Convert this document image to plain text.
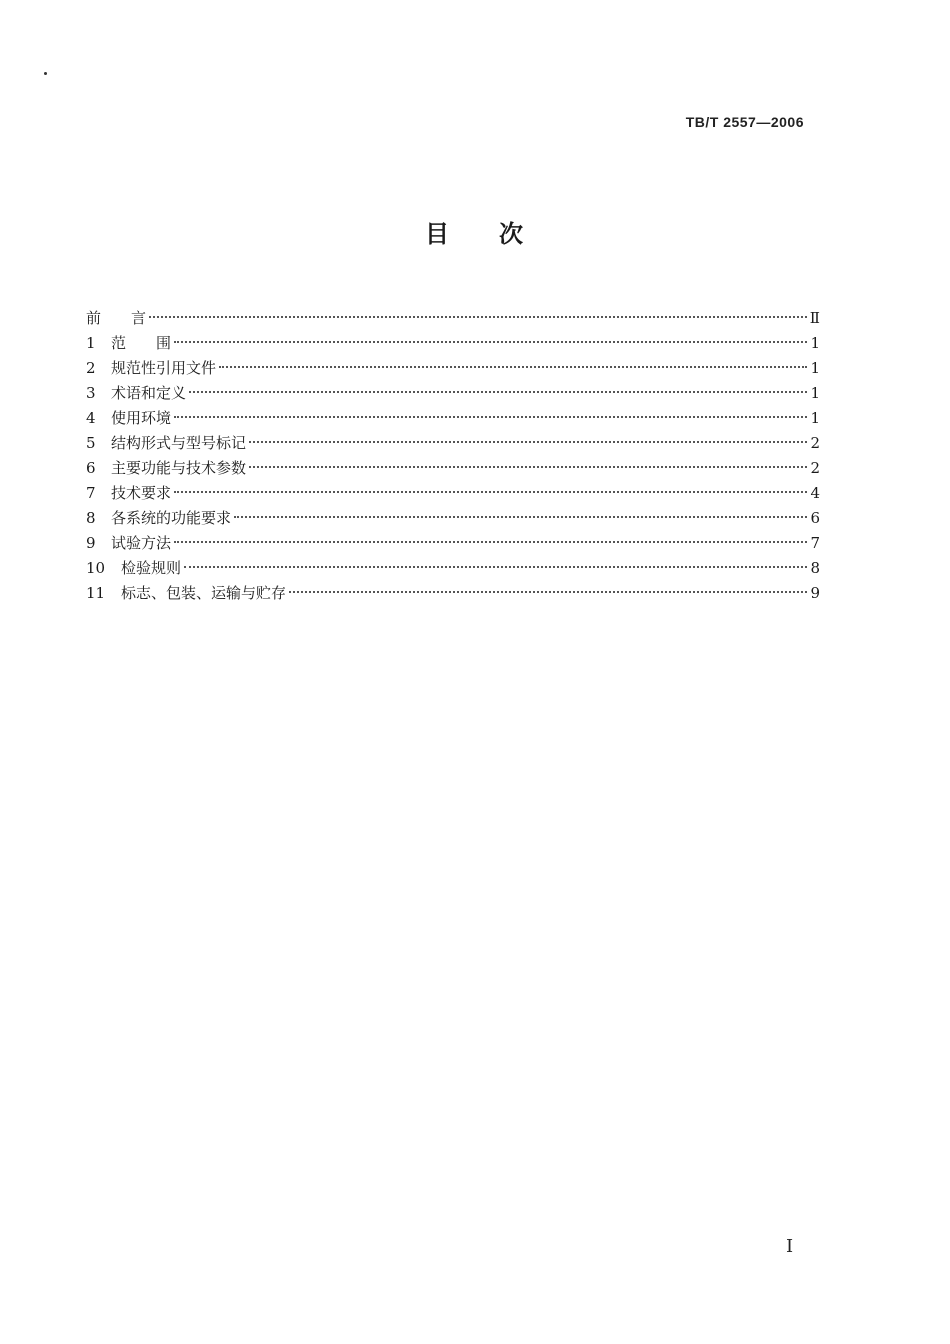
TB/T 2557—2006
目 次
前　　言	Ⅱ
1	范　　围	1
2	规范性引用文件	1
3	术语和定义	1
4	使用环境	1
5	结构形式与型号标记	2
6	主要功能与技术参数	2
7	技术要求	4
8	各系统的功能要求	6
9	试验方法	7
10	检验规则	8
11	标志、包装、运输与贮存	9
I
